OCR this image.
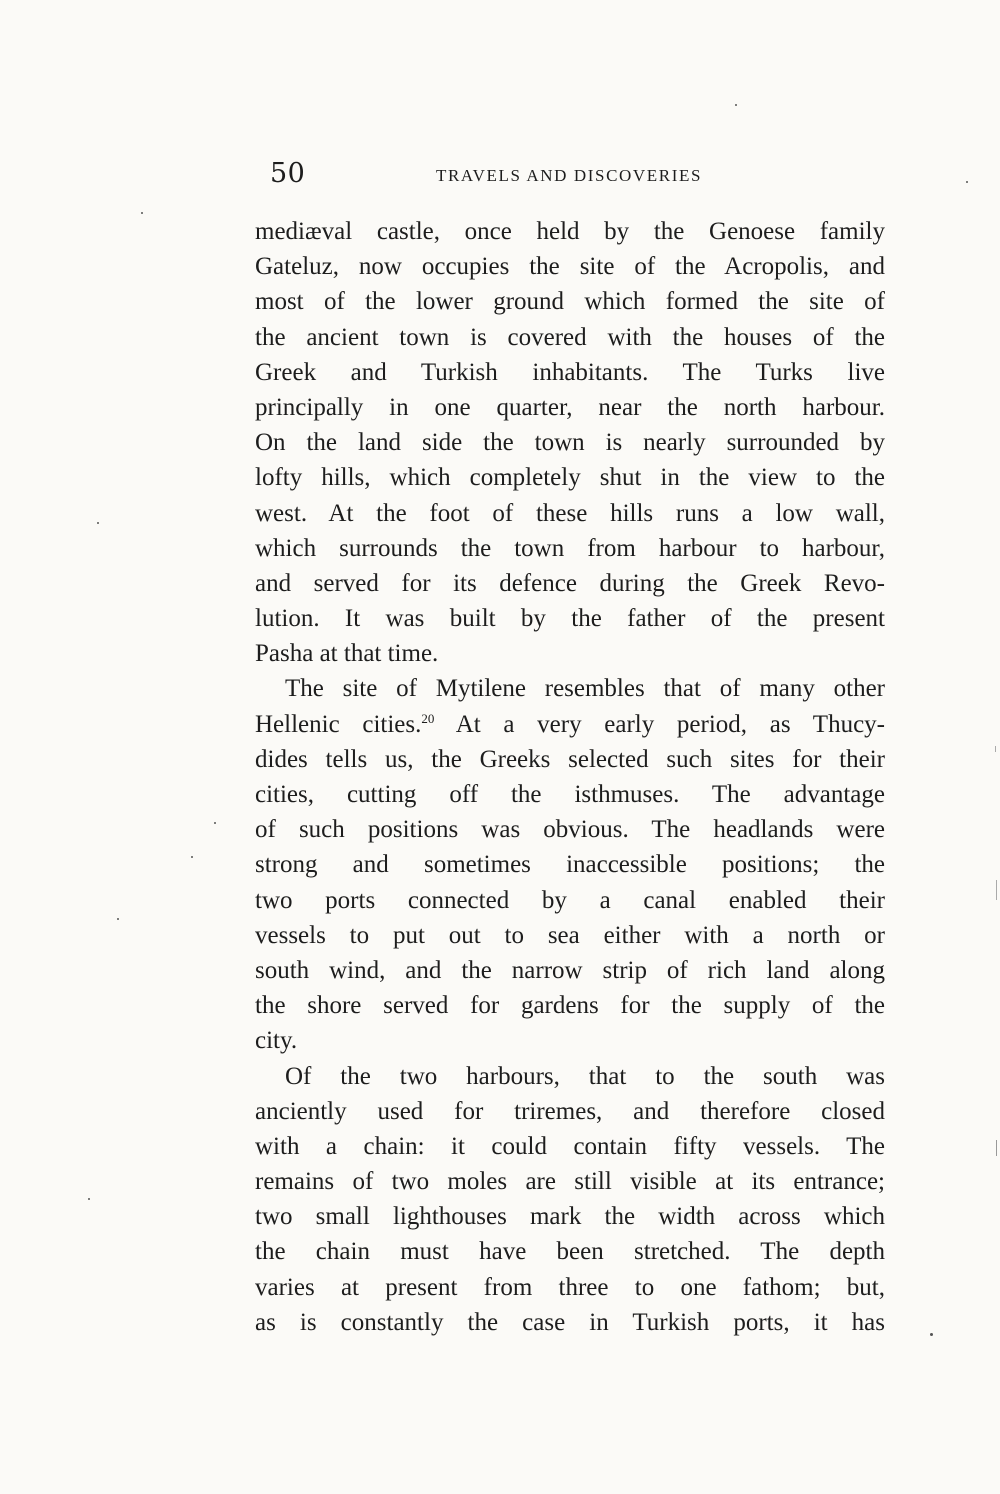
50	TRAVELS AND DISCOVERIES
mediæval castle, once held by the Genoese family
Gateluz, now occupies the site of the Acropolis, and
most of the lower ground which formed the site of
the ancient town is covered with the houses of the
Greek and Turkish inhabitants. The Turks live
principally in one quarter, near the north harbour.
On the land side the town is nearly surrounded by
lofty hills, which completely shut in the view to the
west. At the foot of these hills runs a low wall,
which surrounds the town from harbour to harbour,
and served for its defence during the Greek Revo-
lution. It was built by the father of the present
Pasha at that time.
The site of Mytilene resembles that of many other
Hellenic cities.$^{20}$ At a very early period, as Thucy-
dides tells us, the Greeks selected such sites for their
cities, cutting off the isthmuses. The advantage
of such positions was obvious. The headlands were
strong and sometimes inaccessible positions; the
two ports connected by a canal enabled their
vessels to put out to sea either with a north or
south wind, and the narrow strip of rich land along
the shore served for gardens for the supply of the
city.
Of the two harbours, that to the south was
anciently used for triremes, and therefore closed
with a chain: it could contain fifty vessels. The
remains of two moles are still visible at its entrance;
two small lighthouses mark the width across which
the chain must have been stretched. The depth
varies at present from three to one fathom; but,
as is constantly the case in Turkish ports, it has
